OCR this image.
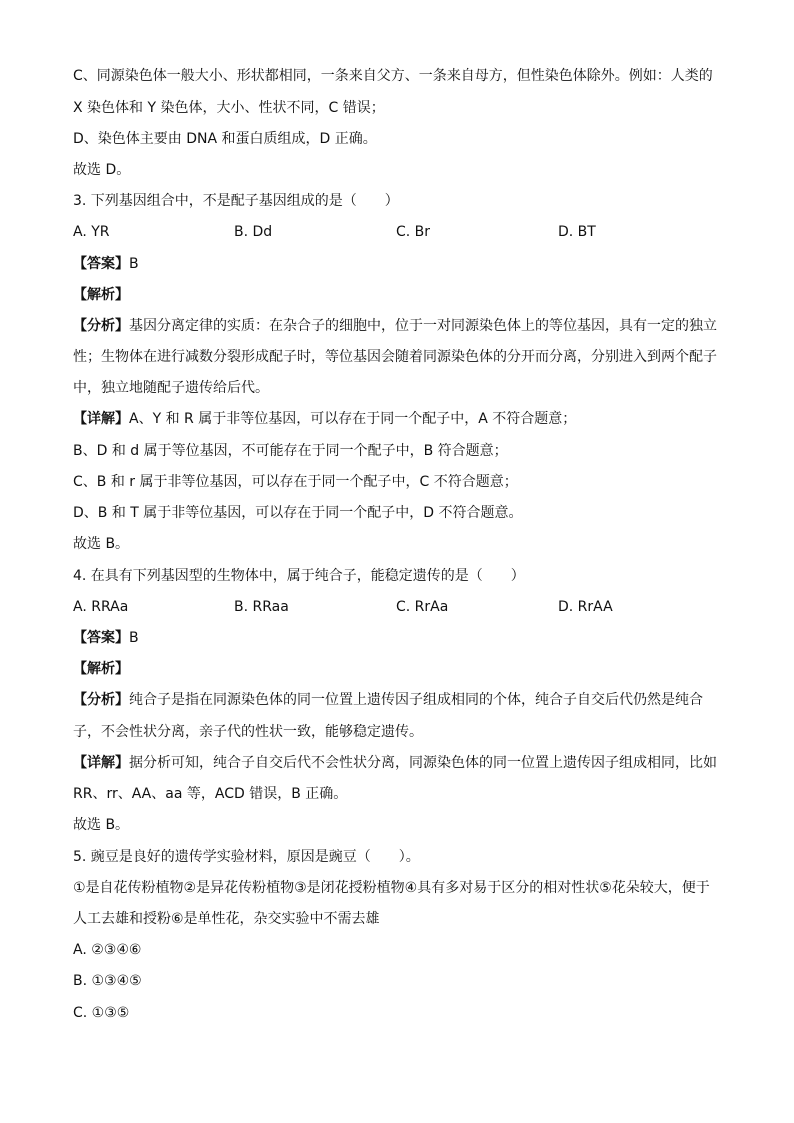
C、同源染色体一般大小、形状都相同，一条来自父方、一条来自母方，但性染色体除外。例如：人类的
X 染色体和 Y 染色体，大小、性状不同，C 错误；
D、染色体主要由 DNA 和蛋白质组成，D 正确。
故选 D。
3. 下列基因组合中，不是配子基因组成的是（　　）
A. YR	B. Dd	C. Br	D. BT
【答案】B
【解析】
【分析】基因分离定律的实质：在杂合子的细胞中，位于一对同源染色体上的等位基因，具有一定的独立
性；生物体在进行减数分裂形成配子时，等位基因会随着同源染色体的分开而分离，分别进入到两个配子
中，独立地随配子遗传给后代。
【详解】A、Y 和 R 属于非等位基因，可以存在于同一个配子中，A 不符合题意；
B、D 和 d 属于等位基因，不可能存在于同一个配子中，B 符合题意；
C、B 和 r 属于非等位基因，可以存在于同一个配子中，C 不符合题意；
D、B 和 T 属于非等位基因，可以存在于同一个配子中，D 不符合题意。
故选 B。
4. 在具有下列基因型的生物体中，属于纯合子，能稳定遗传的是（　　）
A. RRAa	B. RRaa	C. RrAa	D. RrAA
【答案】B
【解析】
【分析】纯合子是指在同源染色体的同一位置上遗传因子组成相同的个体，纯合子自交后代仍然是纯合
子，不会性状分离，亲子代的性状一致，能够稳定遗传。
【详解】据分析可知，纯合子自交后代不会性状分离，同源染色体的同一位置上遗传因子组成相同，比如
RR、rr、AA、aa 等，ACD 错误，B 正确。
故选 B。
5. 豌豆是良好的遗传学实验材料，原因是豌豆（　　）。
①是自花传粉植物②是异花传粉植物③是闭花授粉植物④具有多对易于区分的相对性状⑤花朵较大，便于
人工去雄和授粉⑥是单性花，杂交实验中不需去雄
A. ②③④⑥
B. ①③④⑤
C. ①③⑤
